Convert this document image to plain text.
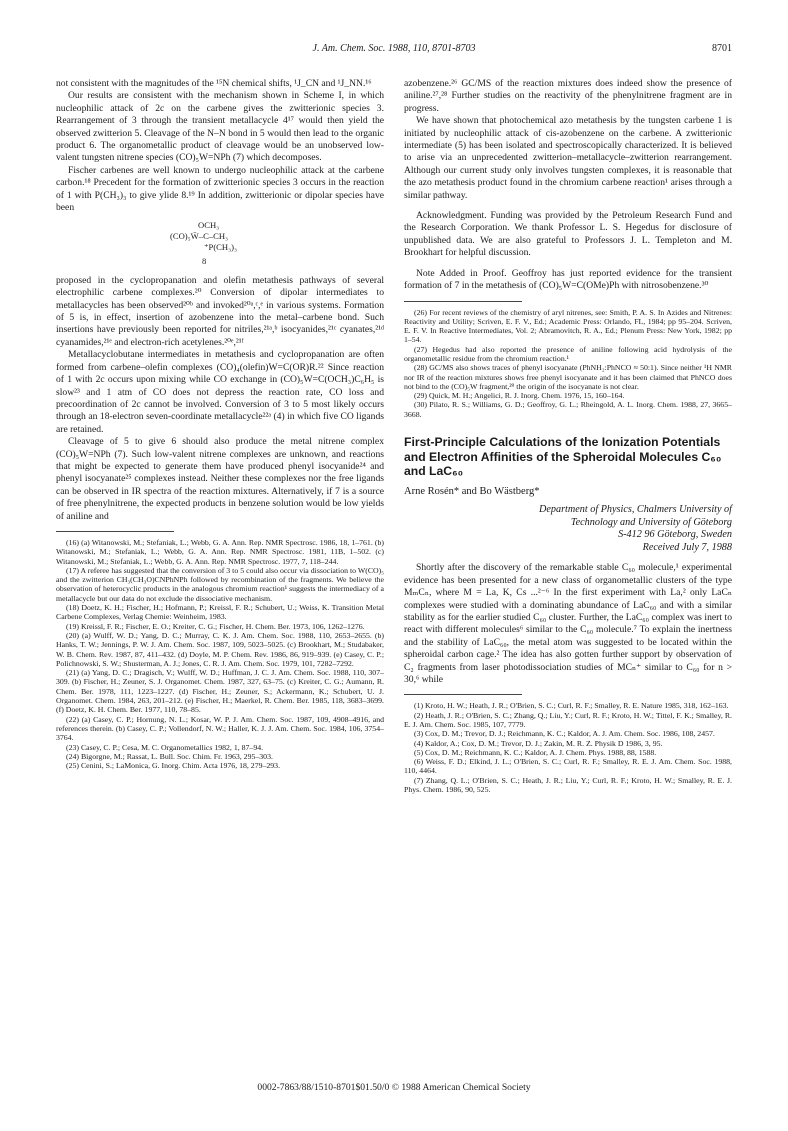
J. Am. Chem. Soc. 1988, 110, 8701-8703	8701

not consistent with the magnitudes of the ¹⁵N chemical shifts, ¹J_CN and ¹J_NN.¹⁶

Our results are consistent with the mechanism shown in Scheme I, in which nucleophilic attack of 2c on the carbene gives the zwitterionic species 3. Rearrangement of 3 through the transient metallacycle 4¹⁷ would then yield the observed zwitterion 5. Cleavage of the N–N bond in 5 would then lead to the organic product 6. The organometallic product of cleavage would be an unobserved low-valent tungsten nitrene species (CO)₅W=NPh (7) which decomposes.

Fischer carbenes are well known to undergo nucleophilic attack at the carbene carbon.¹⁸ Precedent for the formation of zwitterionic species 3 occurs in the reaction of 1 with P(CH₃)₃ to give ylide 8.¹⁹ In addition, zwitterionic or dipolar species have been

OCH₃
(CO)₅W̄–C–CH₃
⁺P(CH₃)₃
8

proposed in the cyclopropanation and olefin metathesis pathways of several electrophilic carbene complexes.²⁰ Conversion of dipolar intermediates to metallacycles has been observed²⁰ᵇ and invoked²⁰ᵃ,ᶜ,ᵉ in various systems. Formation of 5 is, in effect, insertion of azobenzene into the metal–carbene bond. Such insertions have previously been reported for nitriles,²¹ᵃ,ᵇ isocyanides,²¹ᶜ cyanates,²¹ᵈ cyanamides,²¹ᵉ and electron-rich acetylenes.²⁰ᵉ,²¹ᶠ

Metallacyclobutane intermediates in metathesis and cyclopropanation are often formed from carbene–olefin complexes (CO)₄(olefin)W=C(OR)R.²² Since reaction of 1 with 2c occurs upon mixing while CO exchange in (CO)₅W=C(OCH₃)C₆H₅ is slow²³ and 1 atm of CO does not depress the reaction rate, CO loss and precoordination of 2c cannot be involved. Conversion of 3 to 5 most likely occurs through an 18-electron seven-coordinate metallacycle²²ᵃ (4) in which five CO ligands are retained.

Cleavage of 5 to give 6 should also produce the metal nitrene complex (CO)₅W=NPh (7). Such low-valent nitrene complexes are unknown, and reactions that might be expected to generate them have produced phenyl isocyanide²⁴ and phenyl isocyanate²⁵ complexes instead. Neither these complexes nor the free ligands can be observed in IR spectra of the reaction mixtures. Alternatively, if 7 is a source of free phenylnitrene, the expected products in benzene solution would be low yields of aniline and

(16) (a) Witanowski, M.; Stefaniak, L.; Webb, G. A. Ann. Rep. NMR Spectrosc. 1986, 18, 1–761. (b) Witanowski, M.; Stefaniak, L.; Webb, G. A. Ann. Rep. NMR Spectrosc. 1981, 11B, 1–502. (c) Witanowski, M.; Stefaniak, L.; Webb, G. A. Ann. Rep. NMR Spectrosc. 1977, 7, 118–244.

(17) A referee has suggested that the conversion of 3 to 5 could also occur via dissociation to W(CO)₅ and the zwitterion CH₃(CH₃O)CNPhNPh followed by recombination of the fragments. We believe the observation of heterocyclic products in the analogous chromium reaction¹ suggests the intermediacy of a metallacycle but our data do not exclude the dissociative mechanism.

(18) Doetz, K. H.; Fischer, H.; Hofmann, P.; Kreissl, F. R.; Schubert, U.; Weiss, K. Transition Metal Carbene Complexes, Verlag Chemie: Weinheim, 1983.

(19) Kreissl, F. R.; Fischer, E. O.; Kreiter, C. G.; Fischer, H. Chem. Ber. 1973, 106, 1262–1276.

(20) (a) Wulff, W. D.; Yang, D. C.; Murray, C. K. J. Am. Chem. Soc. 1988, 110, 2653–2655. (b) Hanks, T. W.; Jennings, P. W. J. Am. Chem. Soc. 1987, 109, 5023–5025. (c) Brookhart, M.; Studabaker, W. B. Chem. Rev. 1987, 87, 411–432. (d) Doyle, M. P. Chem. Rev. 1986, 86, 919–939. (e) Casey, C. P.; Polichnowski, S. W.; Shusterman, A. J.; Jones, C. R. J. Am. Chem. Soc. 1979, 101, 7282–7292.

(21) (a) Yang, D. C.; Dragisch, V.; Wulff, W. D.; Huffman, J. C. J. Am. Chem. Soc. 1988, 110, 307–309. (b) Fischer, H.; Zeuner, S. J. Organomet. Chem. 1987, 327, 63–75. (c) Kreiter, C. G.; Aumann, R. Chem. Ber. 1978, 111, 1223–1227. (d) Fischer, H.; Zeuner, S.; Ackermann, K.; Schubert, U. J. Organomet. Chem. 1984, 263, 201–212. (e) Fischer, H.; Maerkel, R. Chem. Ber. 1985, 118, 3683–3699. (f) Doetz, K. H. Chem. Ber. 1977, 110, 78–85.

(22) (a) Casey, C. P.; Hornung, N. L.; Kosar, W. P. J. Am. Chem. Soc. 1987, 109, 4908–4916, and references therein. (b) Casey, C. P.; Vollendorf, N. W.; Haller, K. J. J. Am. Chem. Soc. 1984, 106, 3754–3764.

(23) Casey, C. P.; Cesa, M. C. Organometallics 1982, 1, 87–94.

(24) Bigorgne, M.; Rassat, L. Bull. Soc. Chim. Fr. 1963, 295–303.

(25) Cenini, S.; LaMonica, G. Inorg. Chim. Acta 1976, 18, 279–293.

azobenzene.²⁶ GC/MS of the reaction mixtures does indeed show the presence of aniline.²⁷,²⁸ Further studies on the reactivity of the phenylnitrene fragment are in progress.

We have shown that photochemical azo metathesis by the tungsten carbene 1 is initiated by nucleophilic attack of cis-azobenzene on the carbene. A zwitterionic intermediate (5) has been isolated and spectroscopically characterized. It is believed to arise via an unprecedented zwitterion–metallacycle–zwitterion rearrangement. Although our current study only involves tungsten complexes, it is reasonable that the azo metathesis product found in the chromium carbene reaction¹ arises through a similar pathway.

Acknowledgment. Funding was provided by the Petroleum Research Fund and the Research Corporation. We thank Professor L. S. Hegedus for disclosure of unpublished data. We are also grateful to Professors J. L. Templeton and M. Brookhart for helpful discussion.

Note Added in Proof. Geoffroy has just reported evidence for the transient formation of 7 in the metathesis of (CO)₅W=C(OMe)Ph with nitrosobenzene.³⁰

(26) For recent reviews of the chemistry of aryl nitrenes, see: Smith, P. A. S. In Azides and Nitrenes: Reactivity and Utility; Scriven, E. F. V., Ed.; Academic Press: Orlando, FL, 1984; pp 95–204. Scriven, E. F. V. In Reactive Intermediates, Vol. 2; Abramovitch, R. A., Ed.; Plenum Press: New York, 1982; pp 1–54.

(27) Hegedus had also reported the presence of aniline following acid hydrolysis of the organometallic residue from the chromium reaction.¹

(28) GC/MS also shows traces of phenyl isocyanate (PhNH₂:PhNCO ≈ 50:1). Since neither ¹H NMR nor IR of the reaction mixtures shows free phenyl isocyanate and it has been claimed that PhNCO does not bind to the (CO)₅W fragment,²⁹ the origin of the isocyanate is not clear.

(29) Quick, M. H.; Angelici, R. J. Inorg. Chem. 1976, 15, 160–164.

(30) Pilato, R. S.; Williams, G. D.; Geoffroy, G. L.; Rheingold, A. L. Inorg. Chem. 1988, 27, 3665–3668.

First-Principle Calculations of the Ionization Potentials and Electron Affinities of the Spheroidal Molecules C₆₀ and LaC₆₀
Arne Rosén* and Bo Wästberg*
Department of Physics, Chalmers University of
Technology and University of Göteborg
S-412 96 Göteborg, Sweden
Received July 7, 1988

Shortly after the discovery of the remarkable stable C₆₀ molecule,¹ experimental evidence has been presented for a new class of organometallic clusters of the type MₘCₙ, where M = La, K, Cs ...²⁻⁶ In the first experiment with La,² only LaCₙ complexes were studied with a dominating abundance of LaC₆₀ and with a similar stability as for the earlier studied C₆₀ cluster. Further, the LaC₆₀ complex was inert to react with different molecules⁶ similar to the C₆₀ molecule.⁷ To explain the inertness and the stability of LaC₆₀, the metal atom was suggested to be located within the spheroidal carbon cage.² The idea has also gotten further support by observation of C₂ fragments from laser photodissociation studies of MCₙ⁺ similar to C₆₀ for n > 30,⁶ while

(1) Kroto, H. W.; Heath, J. R.; O'Brien, S. C.; Curl, R. F.; Smalley, R. E. Nature 1985, 318, 162–163.

(2) Heath, J. R.; O'Brien, S. C.; Zhang, Q.; Liu, Y.; Curl, R. F.; Kroto, H. W.; Tittel, F. K.; Smalley, R. E. J. Am. Chem. Soc. 1985, 107, 7779.

(3) Cox, D. M.; Trevor, D. J.; Reichmann, K. C.; Kaldor, A. J. Am. Chem. Soc. 1986, 108, 2457.

(4) Kaldor, A.; Cox, D. M.; Trevor, D. J.; Zakin, M. R. Z. Physik D 1986, 3, 95.

(5) Cox, D. M.; Reichmann, K. C.; Kaldor, A. J. Chem. Phys. 1988, 88, 1588.

(6) Weiss, F. D.; Elkind, J. L.; O'Brien, S. C.; Curl, R. F.; Smalley, R. E. J. Am. Chem. Soc. 1988, 110, 4464.

(7) Zhang, Q. L.; O'Brien, S. C.; Heath, J. R.; Liu, Y.; Curl, R. F.; Kroto, H. W.; Smalley, R. E. J. Phys. Chem. 1986, 90, 525.

0002-7863/88/1510-8701$01.50/0 © 1988 American Chemical Society
